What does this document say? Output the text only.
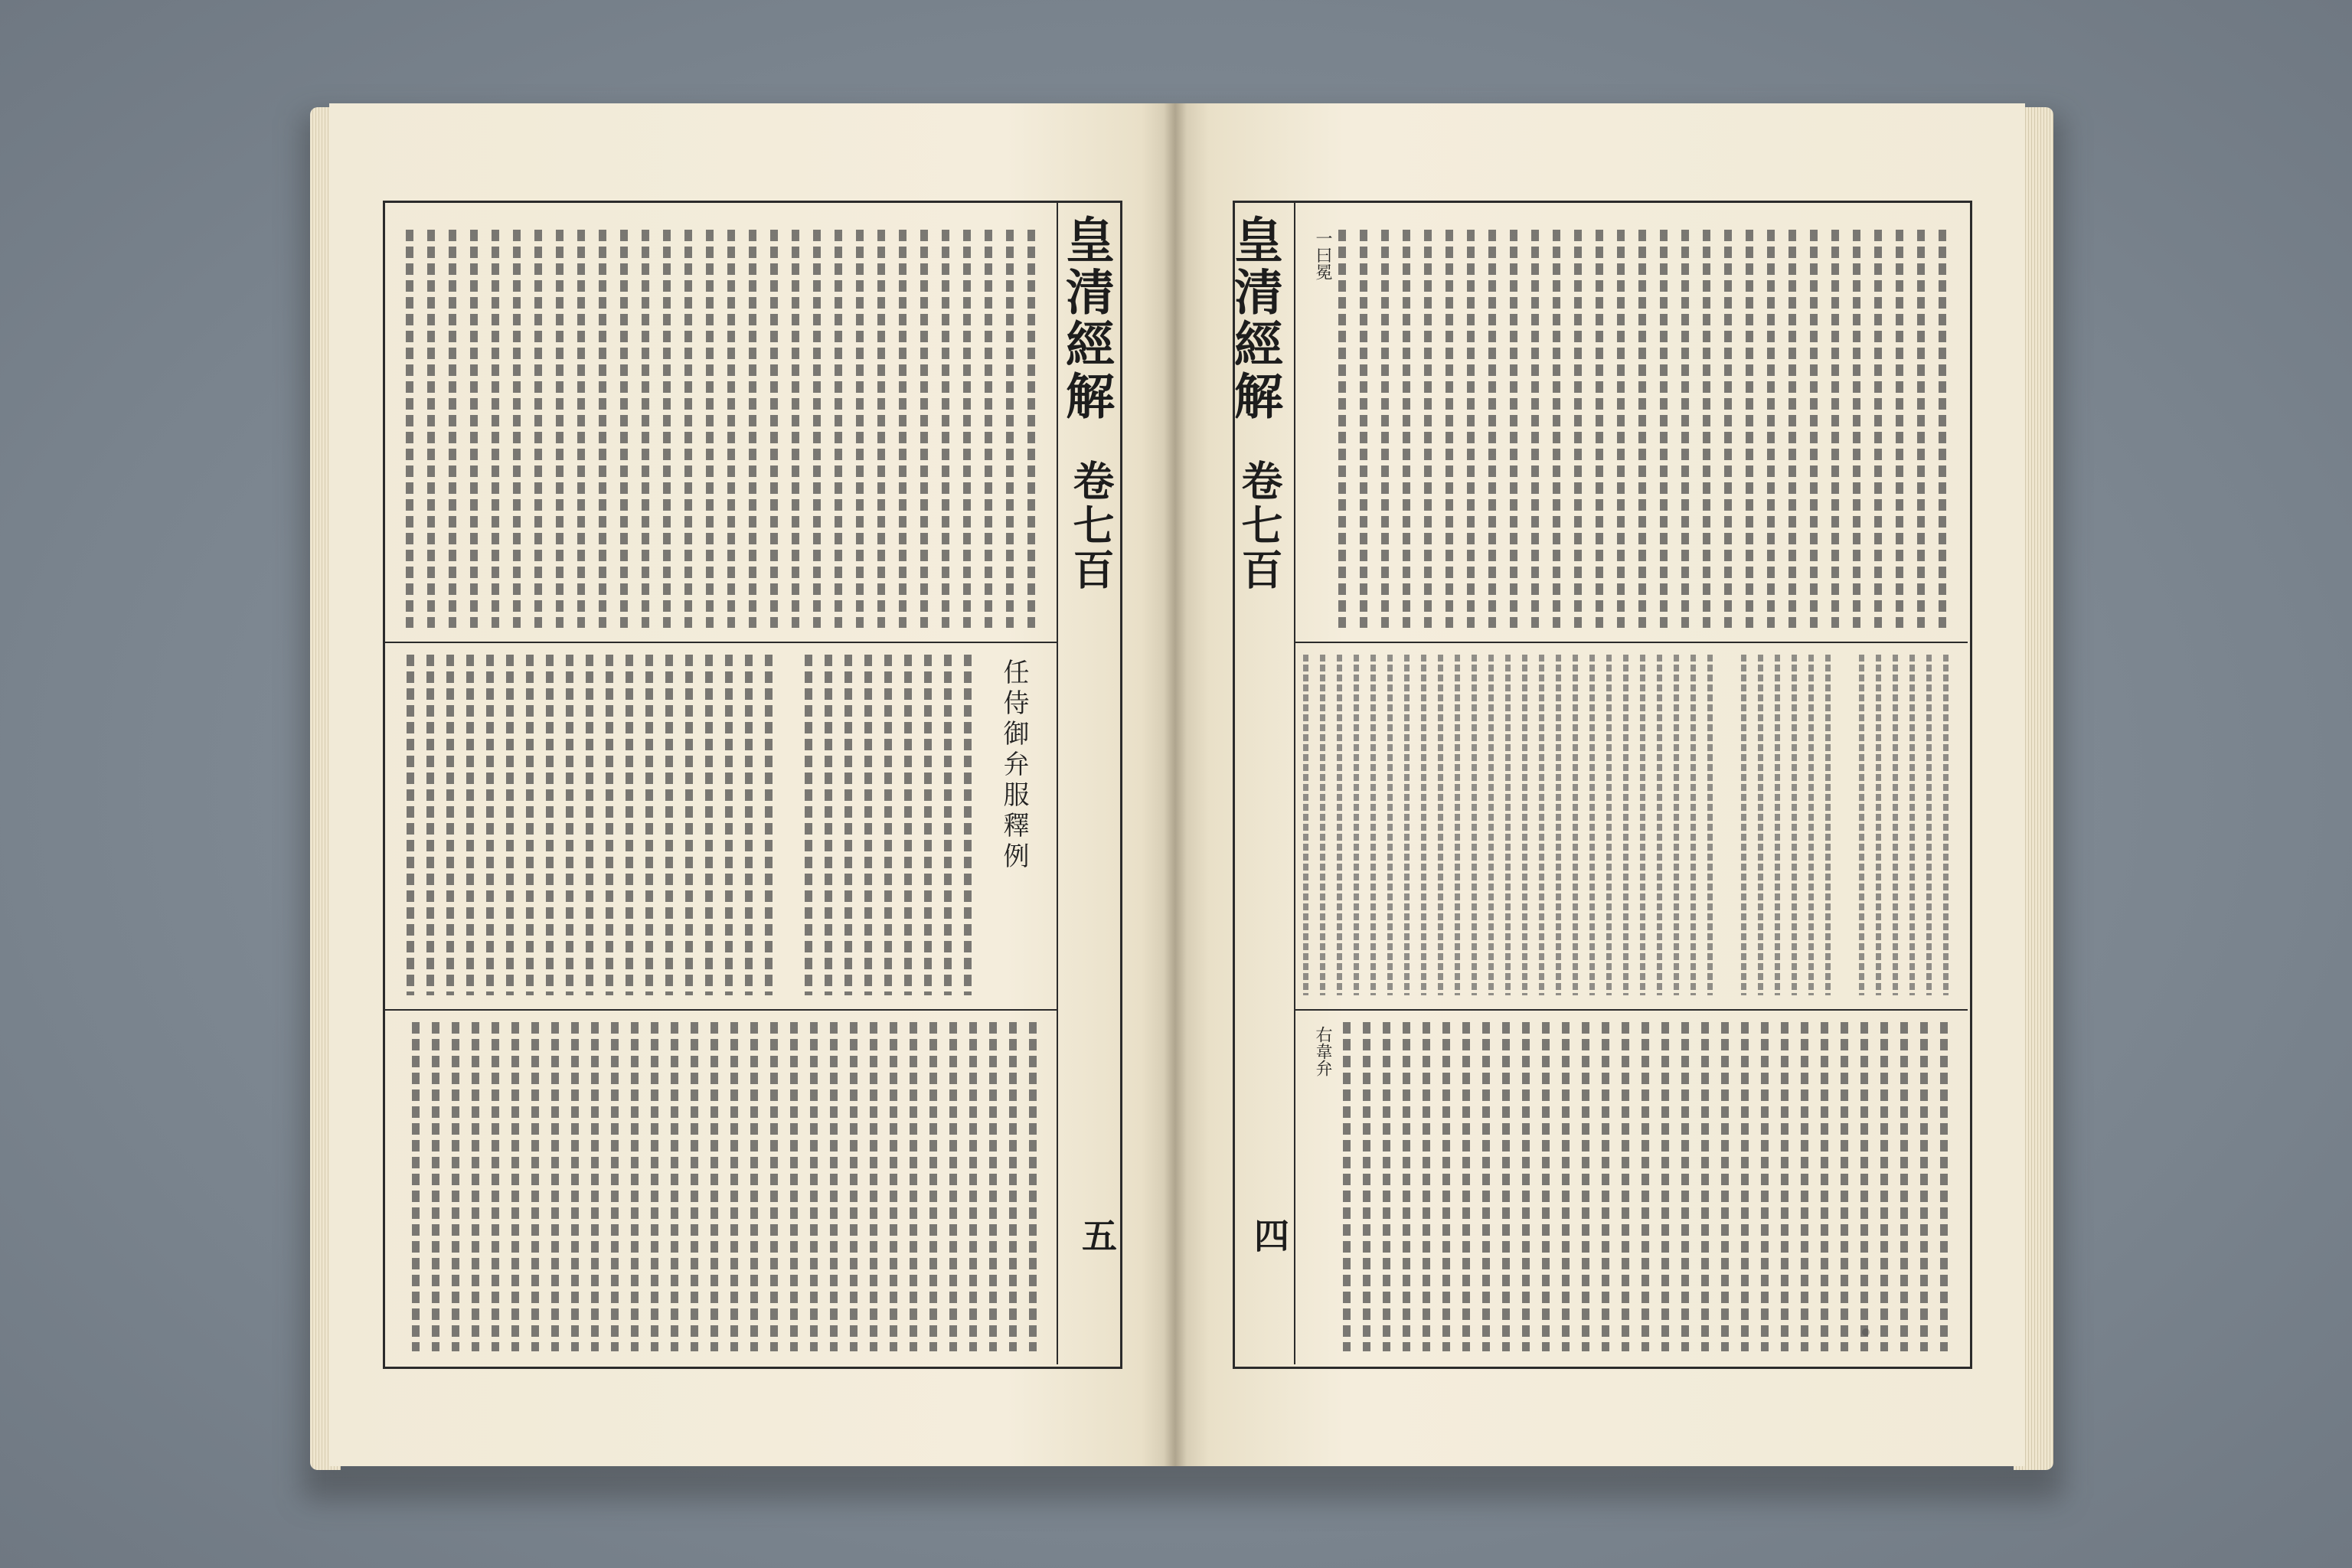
皇清經解
卷七百
五
任侍御弁服釋例
皇清經解
卷七百
四
一曰冕
右韋弁
